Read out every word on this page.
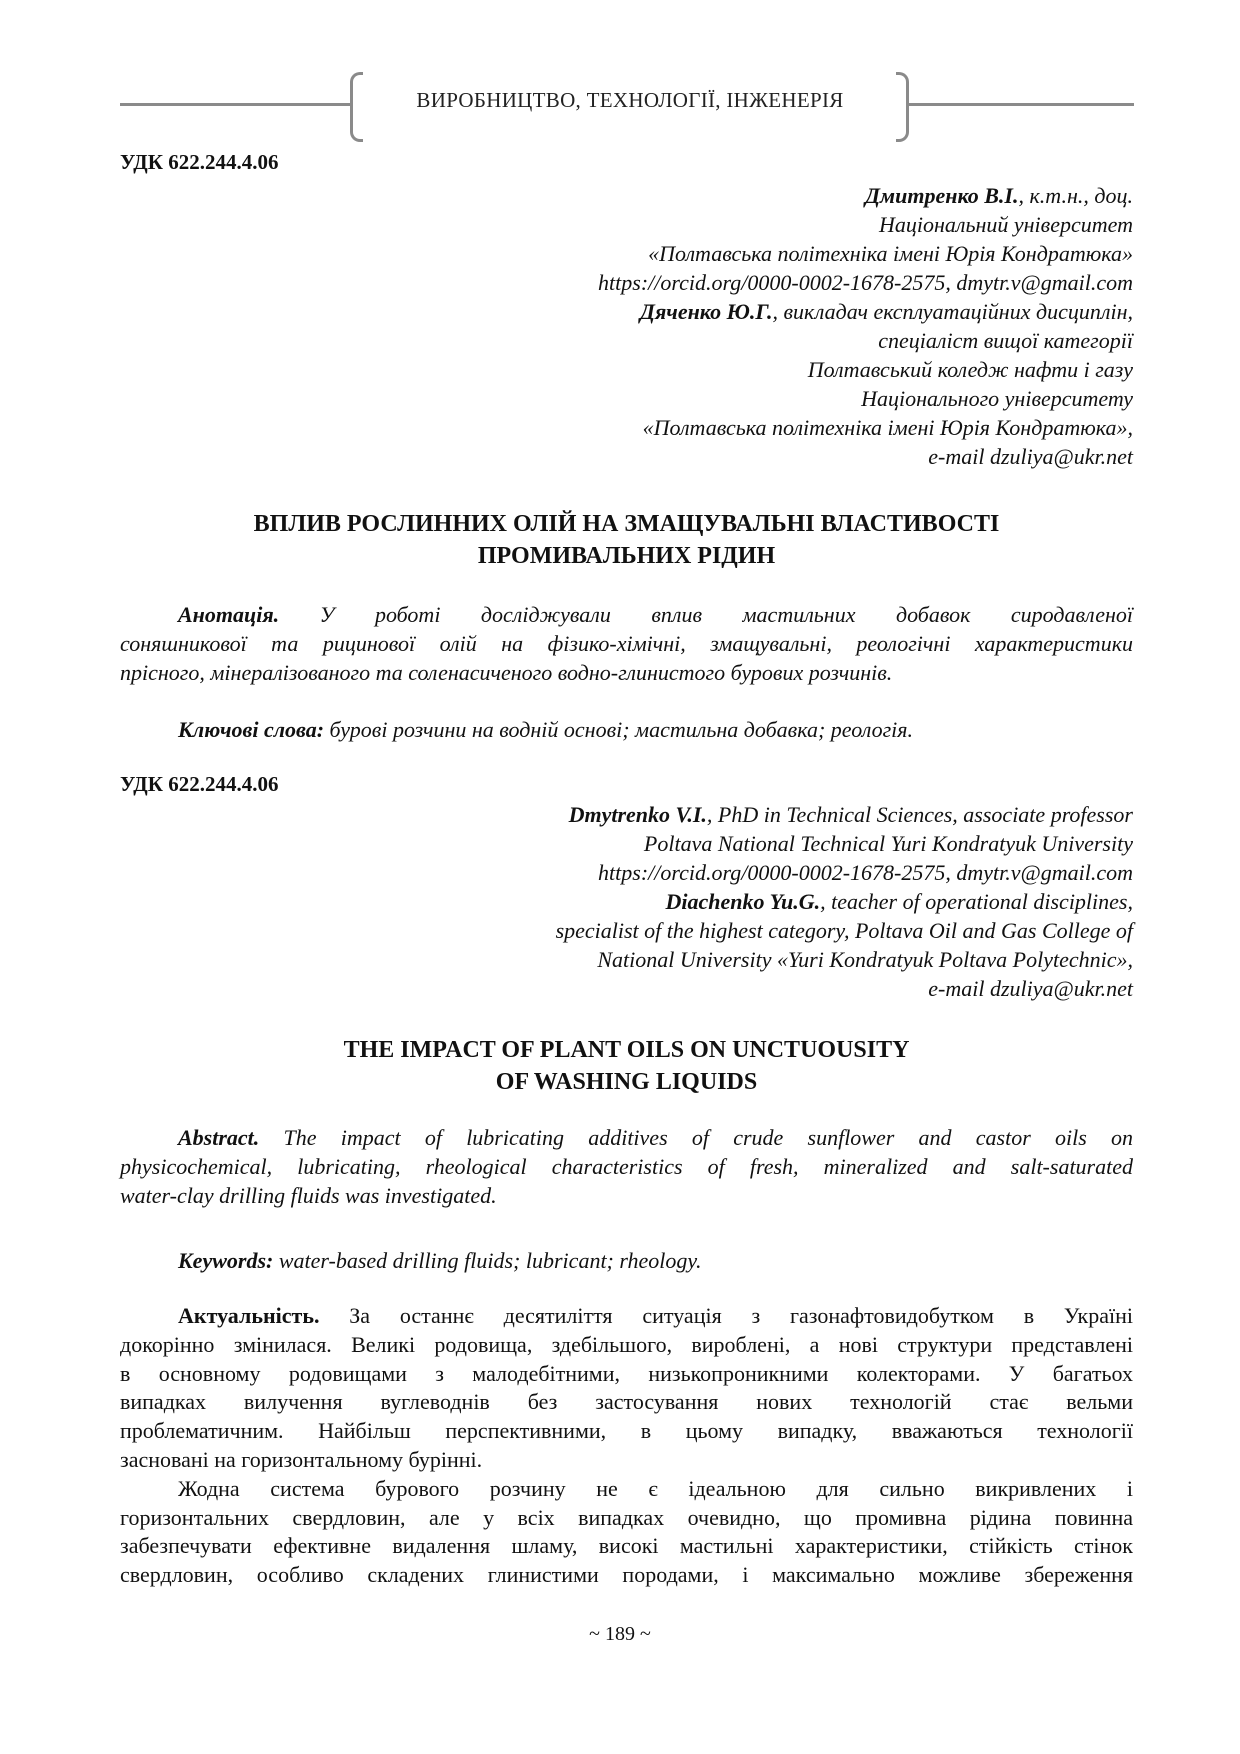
ВИРОБНИЦТВО, ТЕХНОЛОГІЇ, ІНЖЕНЕРІЯ
УДК 622.244.4.06
Дмитренко В.І., к.т.н., доц.
Національний університет
«Полтавська політехніка імені Юрія Кондратюка»
https://orcid.org/0000-0002-1678-2575, dmytr.v@gmail.com
Дяченко Ю.Г., викладач експлуатаційних дисциплін,
спеціаліст вищої категорії
Полтавський коледж нафти і газу
Національного університету
«Полтавська політехніка імені Юрія Кондратюка»,
e-mail dzuliya@ukr.net
ВПЛИВ РОСЛИННИХ ОЛІЙ НА ЗМАЩУВАЛЬНІ ВЛАСТИВОСТІ
ПРОМИВАЛЬНИХ РІДИН
Анотація. У роботі досліджували вплив мастильних добавок сиродавленої
соняшникової та рицинової олій на фізико-хімічні, змащувальні, реологічні характеристики
прісного, мінералізованого та соленасиченого водно-глинистого бурових розчинів.
Ключові слова: бурові розчини на водній основі; мастильна добавка; реологія.
УДК 622.244.4.06
Dmytrenko V.I., PhD in Technical Sciences, associate professor
Poltava National Technical Yuri Kondratyuk University
https://orcid.org/0000-0002-1678-2575, dmytr.v@gmail.com
Diachenko Yu.G., teacher of operational disciplines,
specialist of the highest category, Poltava Oil and Gas College of
National University «Yuri Kondratyuk Poltava Polytechnic»,
e-mail dzuliya@ukr.net
THE IMPACT OF PLANT OILS ON UNCTUOUSITY
OF WASHING LIQUIDS
Abstract. The impact of lubricating additives of crude sunflower and castor oils on
physicochemical, lubricating, rheological characteristics of fresh, mineralized and salt-saturated
water-clay drilling fluids was investigated.
Keywords: water-based drilling fluids; lubricant; rheology.
Актуальність. За останнє десятиліття ситуація з газонафтовидобутком в Україні
докорінно змінилася. Великі родовища, здебільшого, вироблені, а нові структури представлені
в основному родовищами з малодебітними, низькопроникними колекторами. У багатьох
випадках вилучення вуглеводнів без застосування нових технологій стає вельми
проблематичним. Найбільш перспективними, в цьому випадку, вважаються технології
засновані на горизонтальному бурінні.
Жодна система бурового розчину не є ідеальною для сильно викривлених і
горизонтальних свердловин, але у всіх випадках очевидно, що промивна рідина повинна
забезпечувати ефективне видалення шламу, високі мастильні характеристики, стійкість стінок
свердловин, особливо складених глинистими породами, і максимально можливе збереження
~ 189 ~
